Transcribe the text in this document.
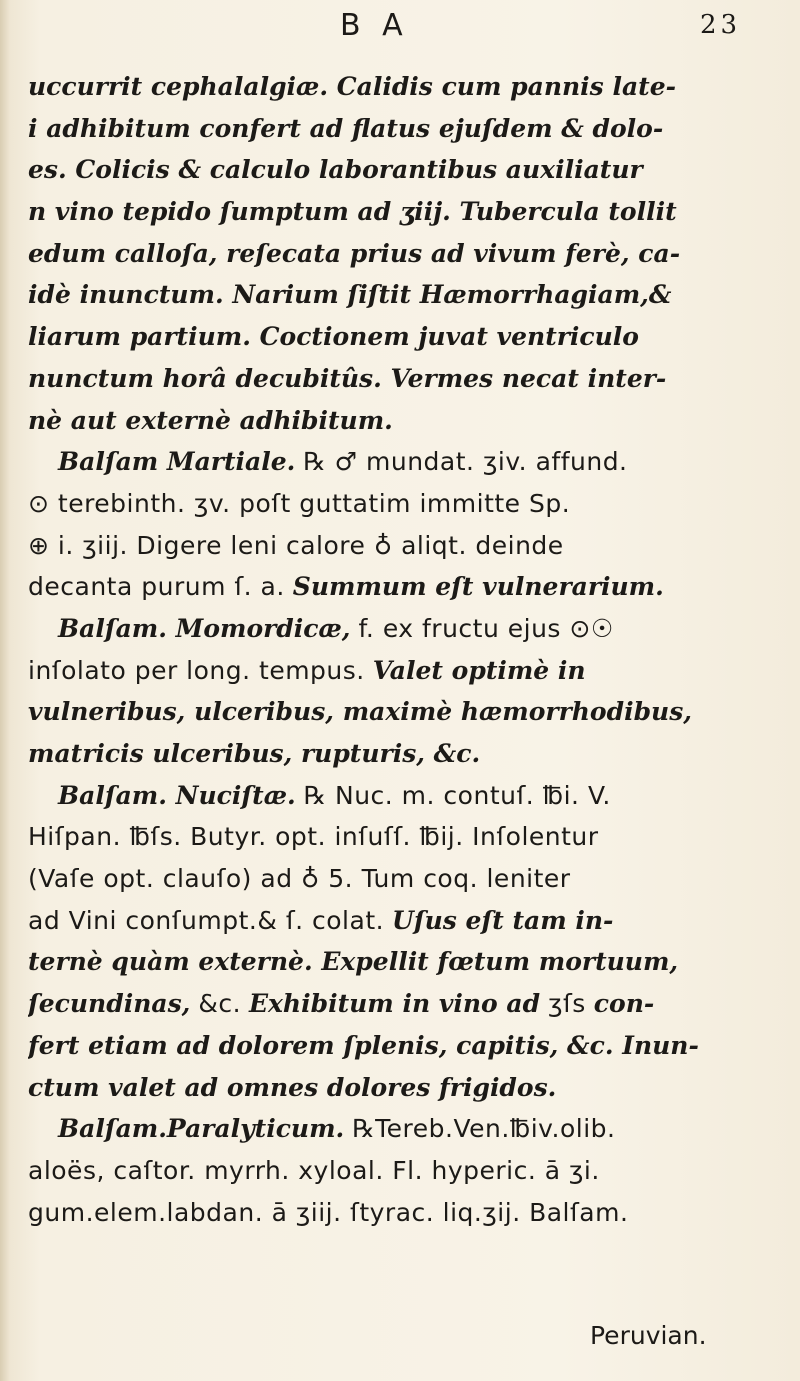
B A	23
uccurrit cephalalgiæ. Calidis cum pannis late-
i adhibitum confert ad flatus ejuſdem & dolo-
es. Colicis & calculo laborantibus auxiliatur
n vino tepido ſumptum ad ʒiij. Tubercula tollit
edum calloſa, reſecata prius ad vivum ferè, ca-
idè inunctum. Narium ſiſtit Hæmorrhagiam,&
liarum partium. Coctionem juvat ventriculo
nunctum horâ decubitûs. Vermes necat inter-
nè aut externè adhibitum.
Balſam Martiale. ℞ ♂ mundat. ʒiv. affund.
⊙ terebinth. ʒv. poſt guttatim immitte Sp.
⊕ i. ʒiij. Digere leni calore ♁ aliqt. deinde
decanta purum ſ. a. Summum eſt vulnerarium.
Balſam. Momordicæ, f. ex fructu ejus ⊙☉
inſolato per long. tempus. Valet optimè in
vulneribus, ulceribus, maximè hæmorrhodibus,
matricis ulceribus, rupturis, &c.
Balſam. Nuciſtæ. ℞ Nuc. m. contuſ. ℔i. V.
Hiſpan. ℔ſs. Butyr. opt. inſuſſ. ℔ij. Inſolentur
(Vaſe opt. clauſo) ad ♁ 5. Tum coq. leniter
ad Vini conſumpt.& ſ. colat. Uſus eſt tam in-
ternè quàm externè. Expellit fœtum mortuum,
ſecundinas, &c. Exhibitum in vino ad ʒſs con-
fert etiam ad dolorem ſplenis, capitis, &c. Inun-
ctum valet ad omnes dolores frigidos.
Balſam.Paralyticum. ℞Tereb.Ven.℔iv.olib.
aloës, caſtor. myrrh. xyloal. Fl. hyperic. ā ʒi.
gum.elem.labdan. ā ʒiij. ſtyrac. liq.ʒij. Balſam.
Peruvian.
